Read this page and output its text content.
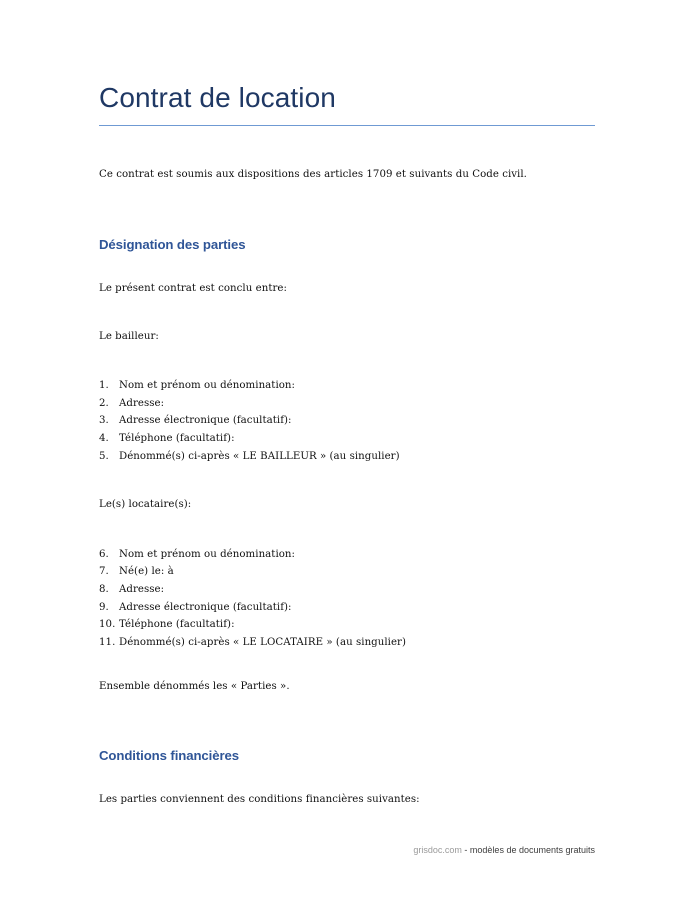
Contrat de location

Ce contrat est soumis aux dispositions des articles 1709 et suivants du Code civil.

Désignation des parties

Le présent contrat est conclu entre:

Le bailleur:

1. Nom et prénom ou dénomination:
2. Adresse:
3. Adresse électronique (facultatif):
4. Téléphone (facultatif):
5. Dénommé(s) ci-après « LE BAILLEUR » (au singulier)

Le(s) locataire(s):

6. Nom et prénom ou dénomination:
7. Né(e) le: à
8. Adresse:
9. Adresse électronique (facultatif):
10. Téléphone (facultatif):
11. Dénommé(s) ci-après « LE LOCATAIRE » (au singulier)

Ensemble dénommés les « Parties ».

Conditions financières

Les parties conviennent des conditions financières suivantes:

grisdoc.com - modèles de documents gratuits
